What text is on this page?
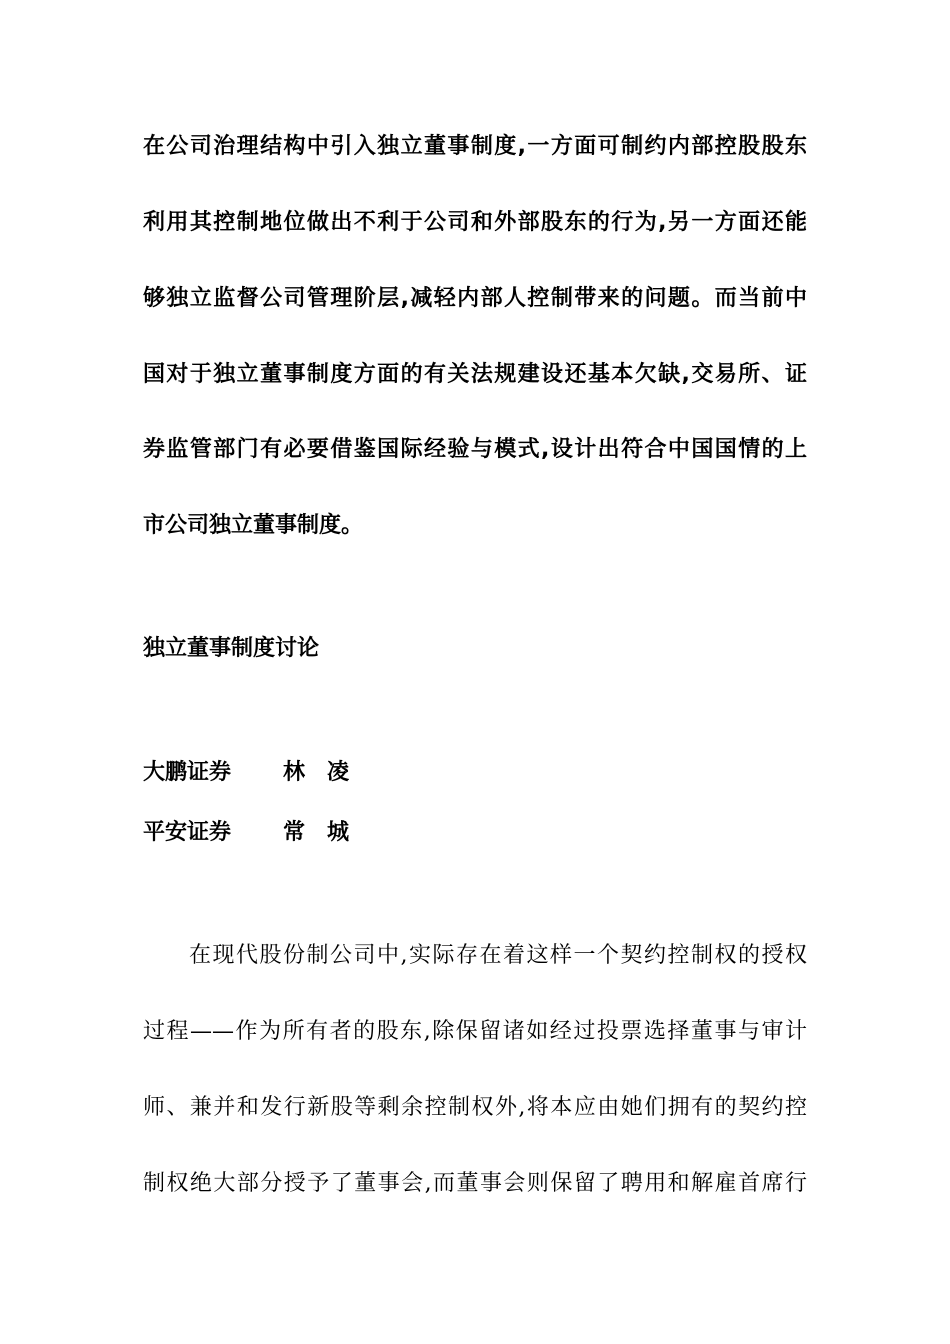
在公司治理结构中引入独立董事制度,一方面可制约内部控股股东
利用其控制地位做出不利于公司和外部股东的行为,另一方面还能
够独立监督公司管理阶层,减轻内部人控制带来的问题。而当前中
国对于独立董事制度方面的有关法规建设还基本欠缺,交易所、证
券监管部门有必要借鉴国际经验与模式,设计出符合中国国情的上
市公司独立董事制度。
独立董事制度讨论
大鹏证券 林凌
平安证券 常城
在现代股份制公司中,实际存在着这样一个契约控制权的授权
过程——作为所有者的股东,除保留诸如经过投票选择董事与审计
师、兼并和发行新股等剩余控制权外,将本应由她们拥有的契约控
制权绝大部分授予了董事会,而董事会则保留了聘用和解雇首席行
